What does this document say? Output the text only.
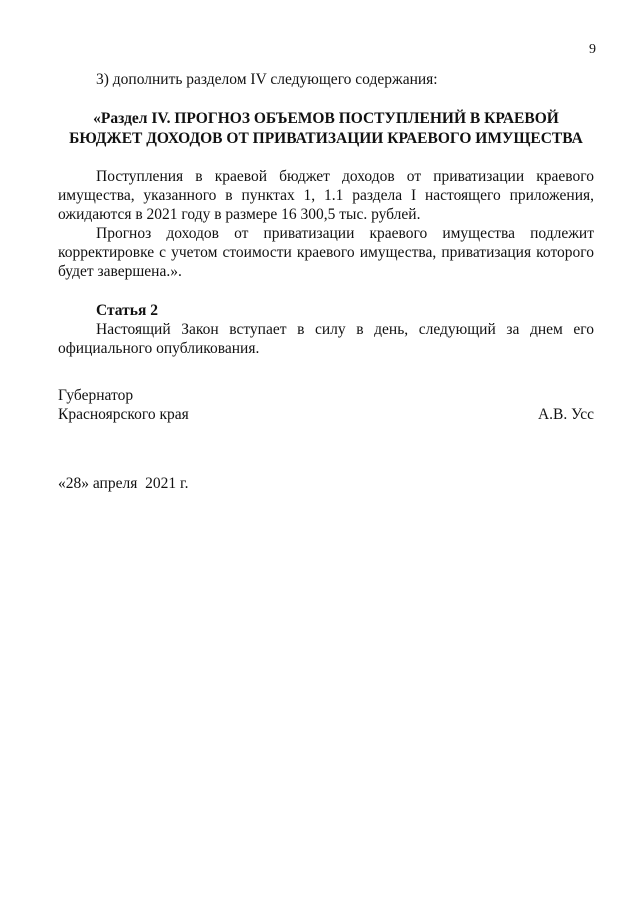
9

3) дополнить разделом IV следующего содержания:

«Раздел IV. ПРОГНОЗ ОБЪЕМОВ ПОСТУПЛЕНИЙ В КРАЕВОЙ
БЮДЖЕТ ДОХОДОВ ОТ ПРИВАТИЗАЦИИ КРАЕВОГО ИМУЩЕСТВА

Поступления в краевой бюджет доходов от приватизации краевого имущества, указанного в пунктах 1, 1.1 раздела I настоящего приложения, ожидаются в 2021 году в размере 16 300,5 тыс. рублей.

Прогноз доходов от приватизации краевого имущества подлежит корректировке с учетом стоимости краевого имущества, приватизация которого будет завершена.».

Статья 2

Настоящий Закон вступает в силу в день, следующий за днем его официального опубликования.

Губернатор
Красноярского края	А.В. Усс
«28» апреля  2021 г.
